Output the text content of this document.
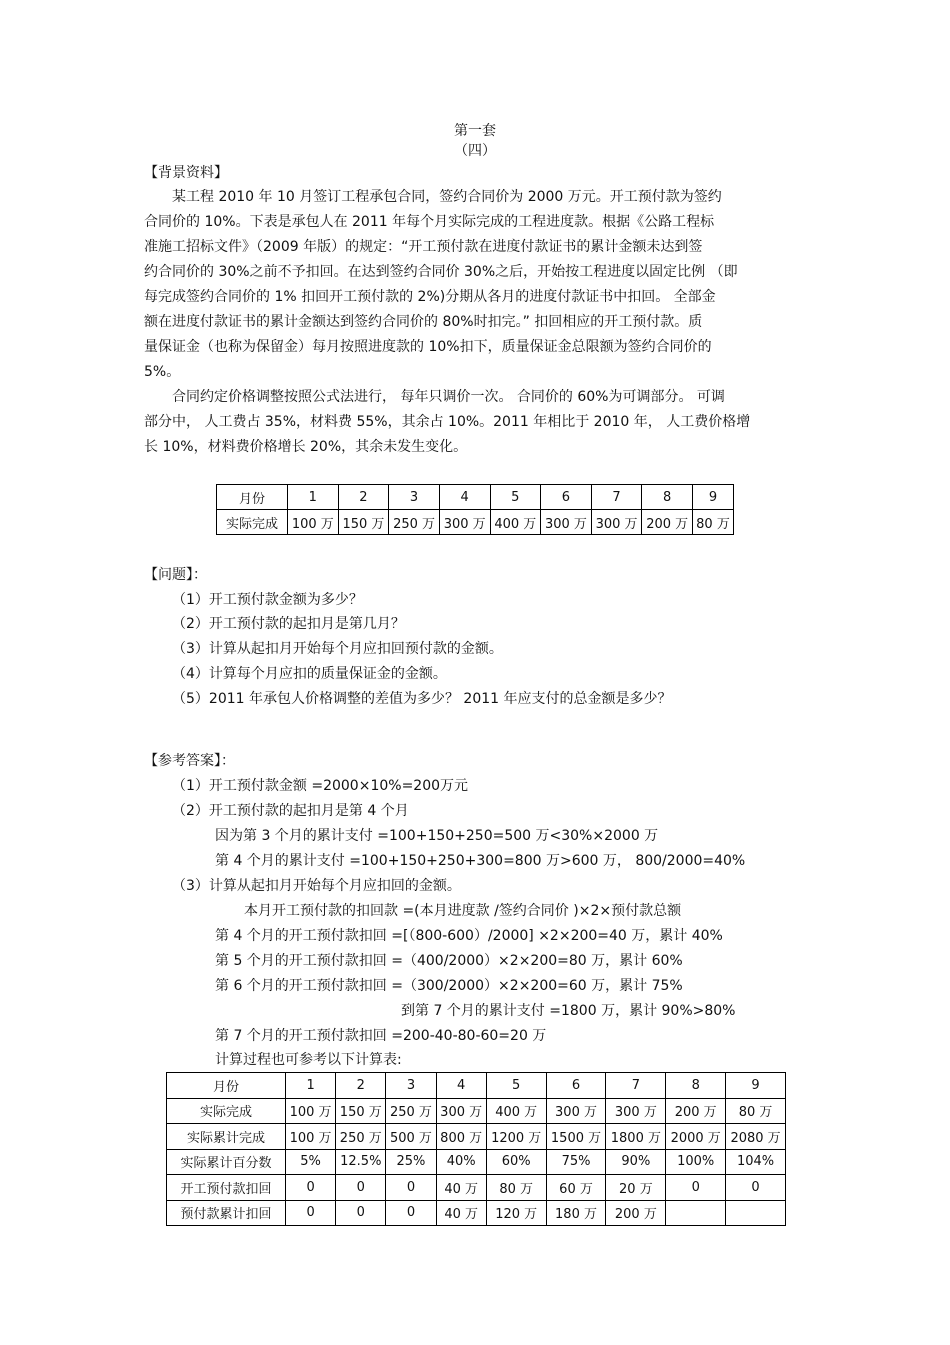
第一套
（四）
【背景资料】
某工程 2010 年 10 月签订工程承包合同，签约合同价为 2000 万元。开工预付款为签约
合同价的 10%。下表是承包人在 2011 年每个月实际完成的工程进度款。根据《公路工程标
准施工招标文件》（2009 年版）的规定：“开工预付款在进度付款证书的累计金额未达到签
约合同价的 30%之前不予扣回。在达到签约合同价 30%之后，开始按工程进度以固定比例 （即
每完成签约合同价的 1% 扣回开工预付款的 2%)分期从各月的进度付款证书中扣回。 全部金
额在进度付款证书的累计金额达到签约合同价的 80%时扣完。” 扣回相应的开工预付款。质
量保证金（也称为保留金）每月按照进度款的 10%扣下，质量保证金总限额为签约合同价的
5%。
合同约定价格调整按照公式法进行， 每年只调价一次。 合同价的 60%为可调部分。 可调
部分中， 人工费占 35%，材料费 55%，其余占 10%。2011 年相比于 2010 年， 人工费价格增
长 10%，材料费价格增长 20%，其余未发生变化。
月份	1	2	3	4	5	6	7	8	9
实际完成	100 万	150 万	250 万	300 万	400 万	300 万	300 万	200 万	80 万
【问题】：
（1）开工预付款金额为多少？
（2）开工预付款的起扣月是第几月？
（3）计算从起扣月开始每个月应扣回预付款的金额。
（4）计算每个月应扣的质量保证金的金额。
（5）2011 年承包人价格调整的差值为多少？ 2011 年应支付的总金额是多少？
【参考答案】：
（1）开工预付款金额 =2000×10%=200万元
（2）开工预付款的起扣月是第 4 个月
因为第 3 个月的累计支付 =100+150+250=500 万<30%×2000 万
第 4 个月的累计支付 =100+150+250+300=800 万>600 万， 800/2000=40%
（3）计算从起扣月开始每个月应扣回的金额。
本月开工预付款的扣回款 =(本月进度款 /签约合同价 )×2×预付款总额
第 4 个月的开工预付款扣回 =[（800-600）/2000] ×2×200=40 万，累计 40%
第 5 个月的开工预付款扣回 =（400/2000）×2×200=80 万，累计 60%
第 6 个月的开工预付款扣回 =（300/2000）×2×200=60 万，累计 75%
到第 7 个月的累计支付 =1800 万，累计 90%>80%
第 7 个月的开工预付款扣回 =200-40-80-60=20 万
计算过程也可参考以下计算表:
月份	1	2	3	4	5	6	7	8	9
实际完成	100 万	150 万	250 万	300 万	400 万	300 万	300 万	200 万	80 万
实际累计完成	100 万	250 万	500 万	800 万	1200 万	1500 万	1800 万	2000 万	2080 万
实际累计百分数	5%	12.5%	25%	40%	60%	75%	90%	100%	104%
开工预付款扣回	0	0	0	40 万	80 万	60 万	20 万	0	0
预付款累计扣回	0	0	0	40 万	120 万	180 万	200 万		
